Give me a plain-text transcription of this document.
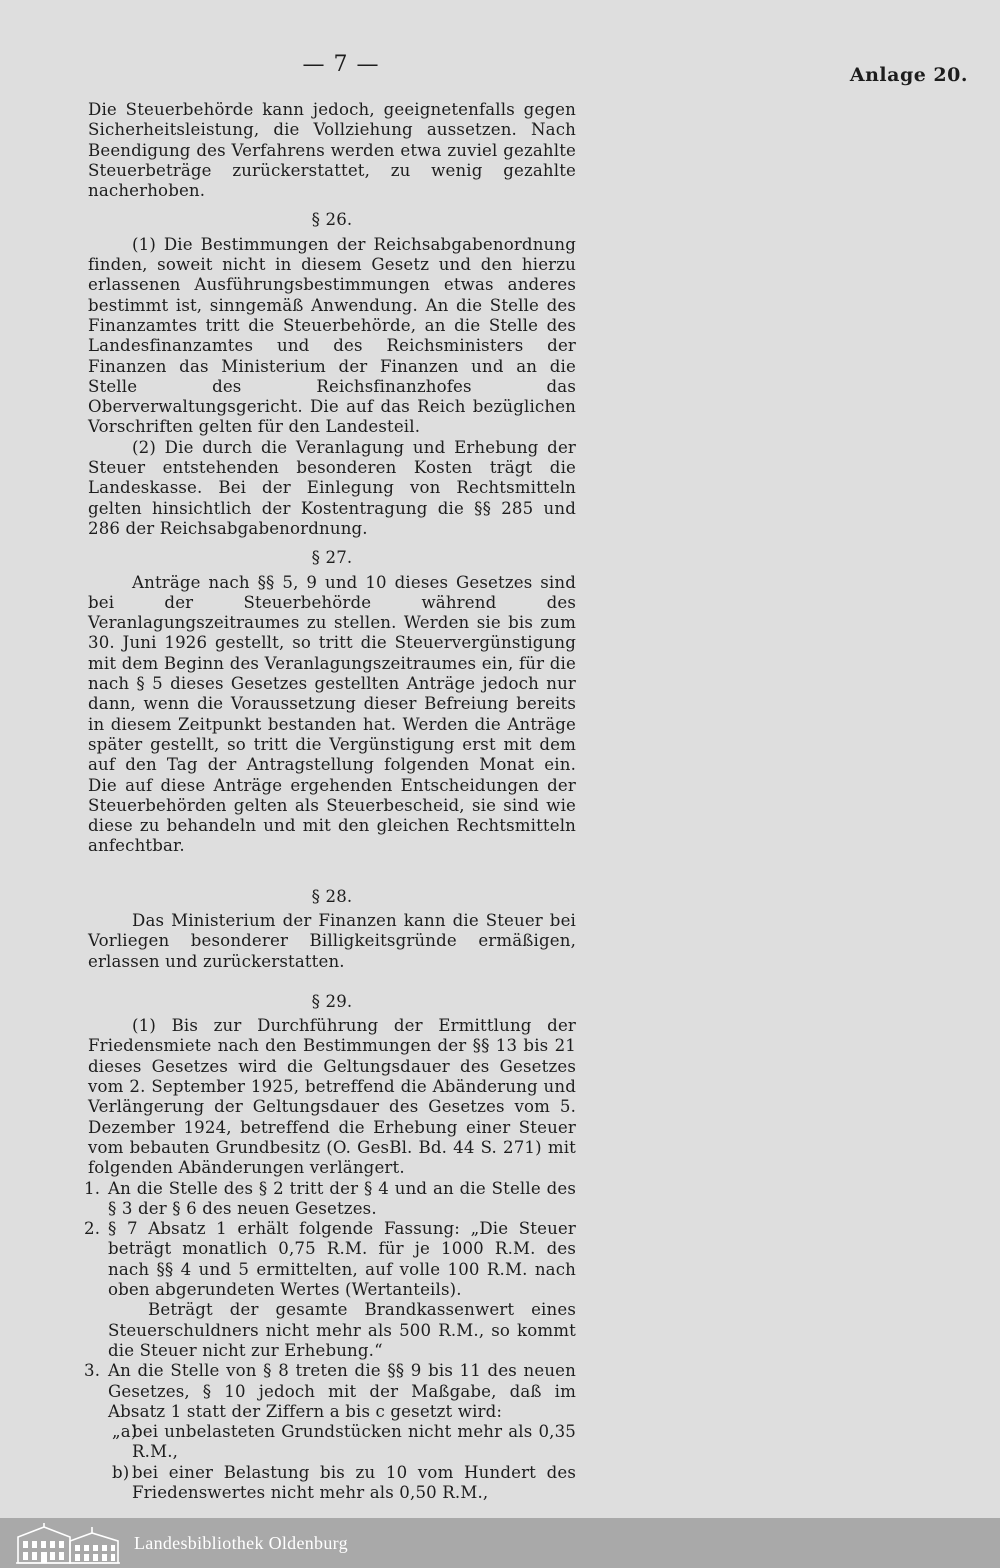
— 7 —	Anlage 20.

Die Steuerbehörde kann jedoch, geeignetenfalls gegen Sicherheitsleistung, die Vollziehung aussetzen. Nach Beendigung des Verfahrens werden etwa zuviel gezahlte Steuerbeträge zurückerstattet, zu wenig gezahlte nacherhoben.

§ 26.

(1) Die Bestimmungen der Reichsabgabenordnung finden, soweit nicht in diesem Gesetz und den hierzu erlassenen Ausführungsbestimmungen etwas anderes bestimmt ist, sinngemäß Anwendung. An die Stelle des Finanzamtes tritt die Steuerbehörde, an die Stelle des Landesfinanzamtes und des Reichsministers der Finanzen das Ministerium der Finanzen und an die Stelle des Reichsfinanzhofes das Oberverwaltungsgericht. Die auf das Reich bezüglichen Vorschriften gelten für den Landesteil.

(2) Die durch die Veranlagung und Erhebung der Steuer entstehenden besonderen Kosten trägt die Landeskasse. Bei der Einlegung von Rechtsmitteln gelten hinsichtlich der Kostentragung die §§ 285 und 286 der Reichsabgabenordnung.

§ 27.

Anträge nach §§ 5, 9 und 10 dieses Gesetzes sind bei der Steuerbehörde während des Veranlagungszeitraumes zu stellen. Werden sie bis zum 30. Juni 1926 gestellt, so tritt die Steuervergünstigung mit dem Beginn des Veranlagungszeitraumes ein, für die nach § 5 dieses Gesetzes gestellten Anträge jedoch nur dann, wenn die Voraussetzung dieser Befreiung bereits in diesem Zeitpunkt bestanden hat. Werden die Anträge später gestellt, so tritt die Vergünstigung erst mit dem auf den Tag der Antragstellung folgenden Monat ein. Die auf diese Anträge ergehenden Entscheidungen der Steuerbehörden gelten als Steuerbescheid, sie sind wie diese zu behandeln und mit den gleichen Rechtsmitteln anfechtbar.

§ 28.

Das Ministerium der Finanzen kann die Steuer bei Vorliegen besonderer Billigkeitsgründe ermäßigen, erlassen und zurückerstatten.

§ 29.

(1) Bis zur Durchführung der Ermittlung der Friedensmiete nach den Bestimmungen der §§ 13 bis 21 dieses Gesetzes wird die Geltungsdauer des Gesetzes vom 2. September 1925, betreffend die Abänderung und Verlängerung der Geltungsdauer des Gesetzes vom 5. Dezember 1924, betreffend die Erhebung einer Steuer vom bebauten Grundbesitz (O. GesBl. Bd. 44 S. 271) mit folgenden Abänderungen verlängert.

1. An die Stelle des § 2 tritt der § 4 und an die Stelle des § 3 der § 6 des neuen Gesetzes.

2. § 7 Absatz 1 erhält folgende Fassung: „Die Steuer beträgt monatlich 0,75 R.M. für je 1000 R.M. des nach §§ 4 und 5 ermittelten, auf volle 100 R.M. nach oben abgerundeten Wertes (Wertanteils).

Beträgt der gesamte Brandkassenwert eines Steuerschuldners nicht mehr als 500 R.M., so kommt die Steuer nicht zur Erhebung.“

3. An die Stelle von § 8 treten die §§ 9 bis 11 des neuen Gesetzes, § 10 jedoch mit der Maßgabe, daß im Absatz 1 statt der Ziffern a bis c gesetzt wird:

„a)

bei unbelasteten Grundstücken nicht mehr als 0,35 R.M.,

b) bei einer Belastung bis zu 10 vom Hundert des Friedenswertes nicht mehr als 0,50 R.M.,

Landesbibliothek Oldenburg
